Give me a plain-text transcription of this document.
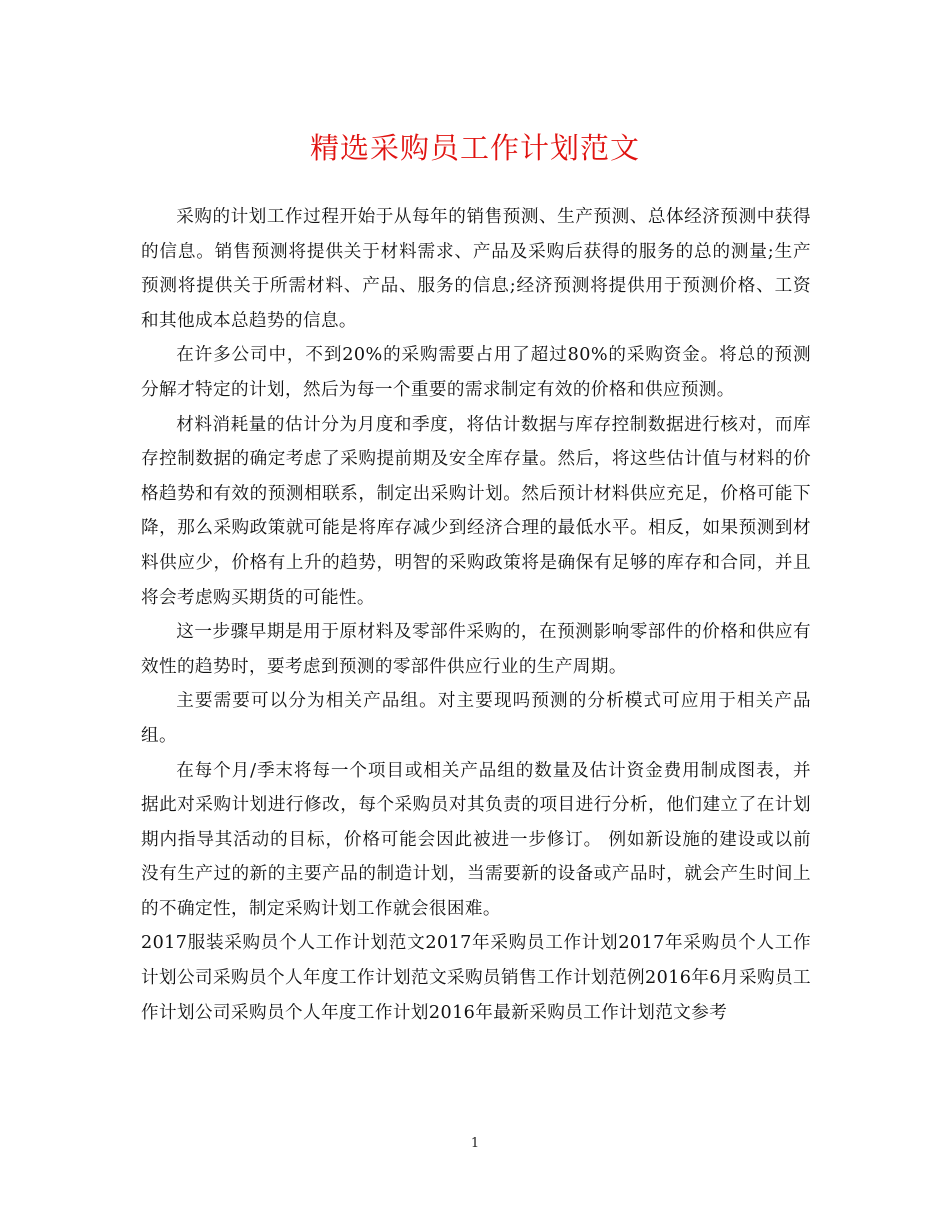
精选采购员工作计划范文

采购的计划工作过程开始于从每年的销售预测、生产预测、总体经济预测中获得的信息。销售预测将提供关于材料需求、产品及采购后获得的服务的总的测量;生产预测将提供关于所需材料、产品、服务的信息;经济预测将提供用于预测价格、工资和其他成本总趋势的信息。

在许多公司中，不到20%的采购需要占用了超过80%的采购资金。将总的预测分解才特定的计划，然后为每一个重要的需求制定有效的价格和供应预测。

材料消耗量的估计分为月度和季度，将估计数据与库存控制数据进行核对，而库存控制数据的确定考虑了采购提前期及安全库存量。然后，将这些估计值与材料的价格趋势和有效的预测相联系，制定出采购计划。然后预计材料供应充足，价格可能下降，那么采购政策就可能是将库存减少到经济合理的最低水平。相反，如果预测到材料供应少，价格有上升的趋势，明智的采购政策将是确保有足够的库存和合同，并且将会考虑购买期货的可能性。

这一步骤早期是用于原材料及零部件采购的，在预测影响零部件的价格和供应有效性的趋势时，要考虑到预测的零部件供应行业的生产周期。

主要需要可以分为相关产品组。对主要现吗预测的分析模式可应用于相关产品组。

在每个月/季末将每一个项目或相关产品组的数量及估计资金费用制成图表，并据此对采购计划进行修改，每个采购员对其负责的项目进行分析，他们建立了在计划期内指导其活动的目标，价格可能会因此被进一步修订。 例如新设施的建设或以前没有生产过的新的主要产品的制造计划，当需要新的设备或产品时，就会产生时间上的不确定性，制定采购计划工作就会很困难。

2017服装采购员个人工作计划范文2017年采购员工作计划2017年采购员个人工作计划公司采购员个人年度工作计划范文采购员销售工作计划范例2016年6月采购员工作计划公司采购员个人年度工作计划2016年最新采购员工作计划范文参考

1
